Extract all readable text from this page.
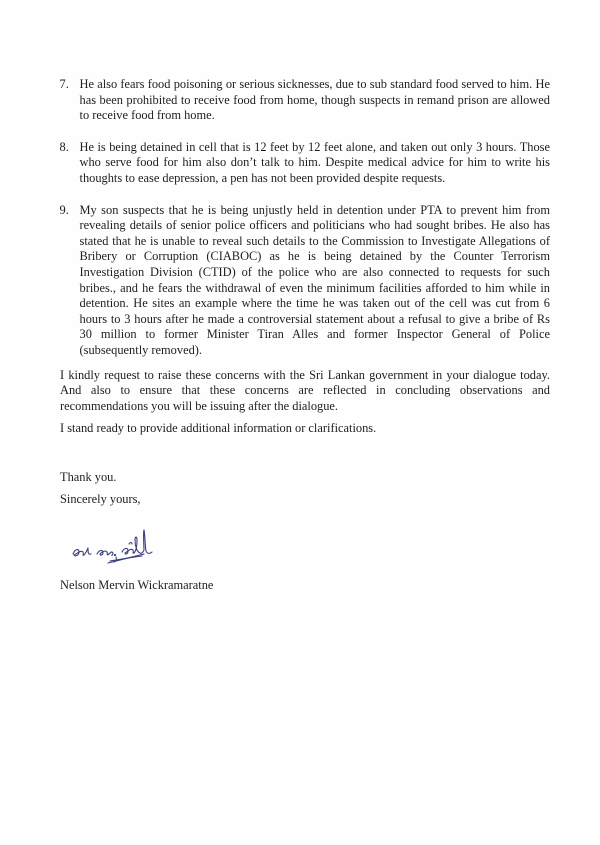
7. He also fears food poisoning or serious sicknesses, due to sub standard food served to him. He has been prohibited to receive food from home, though suspects in remand prison are allowed to receive food from home.
8. He is being detained in cell that is 12 feet by 12 feet alone, and taken out only 3 hours. Those who serve food for him also don’t talk to him. Despite medical advice for him to write his thoughts to ease depression, a pen has not been provided despite requests.
9. My son suspects that he is being unjustly held in detention under PTA to prevent him from revealing details of senior police officers and politicians who had sought bribes. He also has stated that he is unable to reveal such details to the Commission to Investigate Allegations of Bribery or Corruption (CIABOC) as he is being detained by the Counter Terrorism Investigation Division (CTID) of the police who are also connected to requests for such bribes., and he fears the withdrawal of even the minimum facilities afforded to him while in detention. He sites an example where the time he was taken out of the cell was cut from 6 hours to 3 hours after he made a controversial statement about a refusal to give a bribe of Rs 30 million to former Minister Tiran Alles and former Inspector General of Police (subsequently removed).

I kindly request to raise these concerns with the Sri Lankan government in your dialogue today. And also to ensure that these concerns are reflected in concluding observations and recommendations you will be issuing after the dialogue.

I stand ready to provide additional information or clarifications.

Thank you.

Sincerely yours,

Nelson Mervin Wickramaratne
